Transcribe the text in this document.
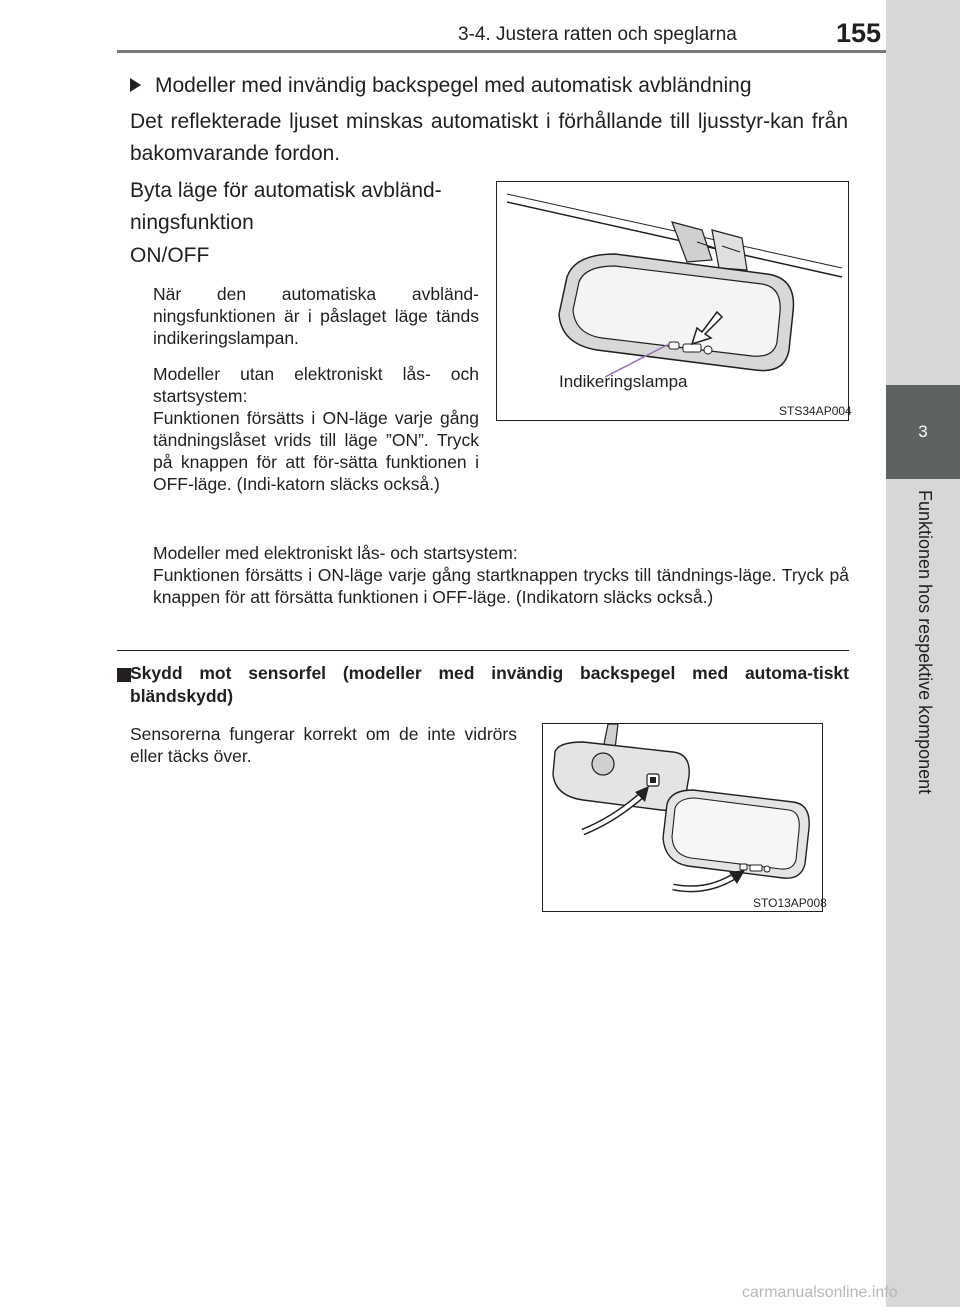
3-4. Justera ratten och speglarna	155
3
Funktionen hos respektive komponent
Modeller med invändig backspegel med automatisk avbländning
Det reflekterade ljuset minskas automatiskt i förhållande till ljusstyr-kan från bakomvarande fordon.
Byta läge för automatisk avbländ-ningsfunktion
ON/OFF
När den automatiska avbländ-ningsfunktionen är i påslaget läge tänds indikeringslampan.
Modeller utan elektroniskt lås- och startsystem:
Funktionen försätts i ON-läge varje gång tändningslåset vrids till läge ”ON”. Tryck på knappen för att för-sätta funktionen i OFF-läge. (Indi-katorn släcks också.)
Modeller med elektroniskt lås- och startsystem:
Funktionen försätts i ON-läge varje gång startknappen trycks till tändnings-läge. Tryck på knappen för att försätta funktionen i OFF-läge. (Indikatorn släcks också.)
Indikeringslampa
STS34AP004
Skydd mot sensorfel (modeller med invändig backspegel med automa-tiskt bländskydd)
Sensorerna fungerar korrekt om de inte vidrörs eller täcks över.
STO13AP008
carmanualsonline.info
